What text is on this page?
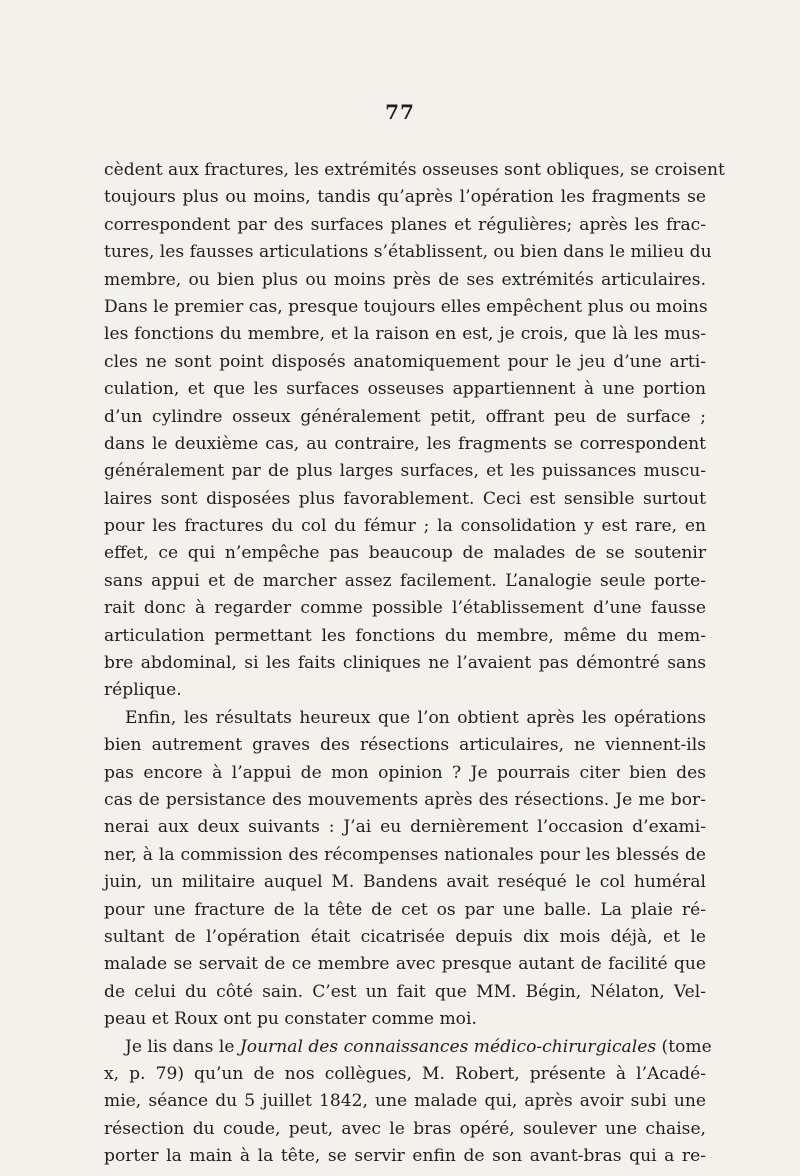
77
cèdent aux fractures, les extrémités osseuses sont obliques, se croisent
toujours plus ou moins, tandis qu’après l’opération les fragments se
correspondent par des surfaces planes et régulières; après les frac-
tures, les fausses articulations s’établissent, ou bien dans le milieu du
membre, ou bien plus ou moins près de ses extrémités articulaires.
Dans le premier cas, presque toujours elles empêchent plus ou moins
les fonctions du membre, et la raison en est, je crois, que là les mus-
cles ne sont point disposés anatomiquement pour le jeu d’une arti-
culation, et que les surfaces osseuses appartiennent à une portion
d’un cylindre osseux généralement petit, offrant peu de surface ;
dans le deuxième cas, au contraire, les fragments se correspondent
généralement par de plus larges surfaces, et les puissances muscu-
laires sont disposées plus favorablement. Ceci est sensible surtout
pour les fractures du col du fémur ; la consolidation y est rare, en
effet, ce qui n’empêche pas beaucoup de malades de se soutenir
sans appui et de marcher assez facilement. L’analogie seule porte-
rait donc à regarder comme possible l’établissement d’une fausse
articulation permettant les fonctions du membre, même du mem-
bre abdominal, si les faits cliniques ne l’avaient pas démontré sans
réplique.
Enfin, les résultats heureux que l’on obtient après les opérations
bien autrement graves des résections articulaires, ne viennent-ils
pas encore à l’appui de mon opinion ? Je pourrais citer bien des
cas de persistance des mouvements après des résections. Je me bor-
nerai aux deux suivants : J’ai eu dernièrement l’occasion d’exami-
ner, à la commission des récompenses nationales pour les blessés de
juin, un militaire auquel M. Bandens avait reséqué le col huméral
pour une fracture de la tête de cet os par une balle. La plaie ré-
sultant de l’opération était cicatrisée depuis dix mois déjà, et le
malade se servait de ce membre avec presque autant de facilité que
de celui du côté sain. C’est un fait que MM. Bégin, Nélaton, Vel-
peau et Roux ont pu constater comme moi.
Je lis dans le Journal des connaissances médico-chirurgicales (tome
x, p. 79) qu’un de nos collègues, M. Robert, présente à l’Acadé-
mie, séance du 5 juillet 1842, une malade qui, après avoir subi une
résection du coude, peut, avec le bras opéré, soulever une chaise,
porter la main à la tête, se servir enfin de son avant-bras qui a re-
